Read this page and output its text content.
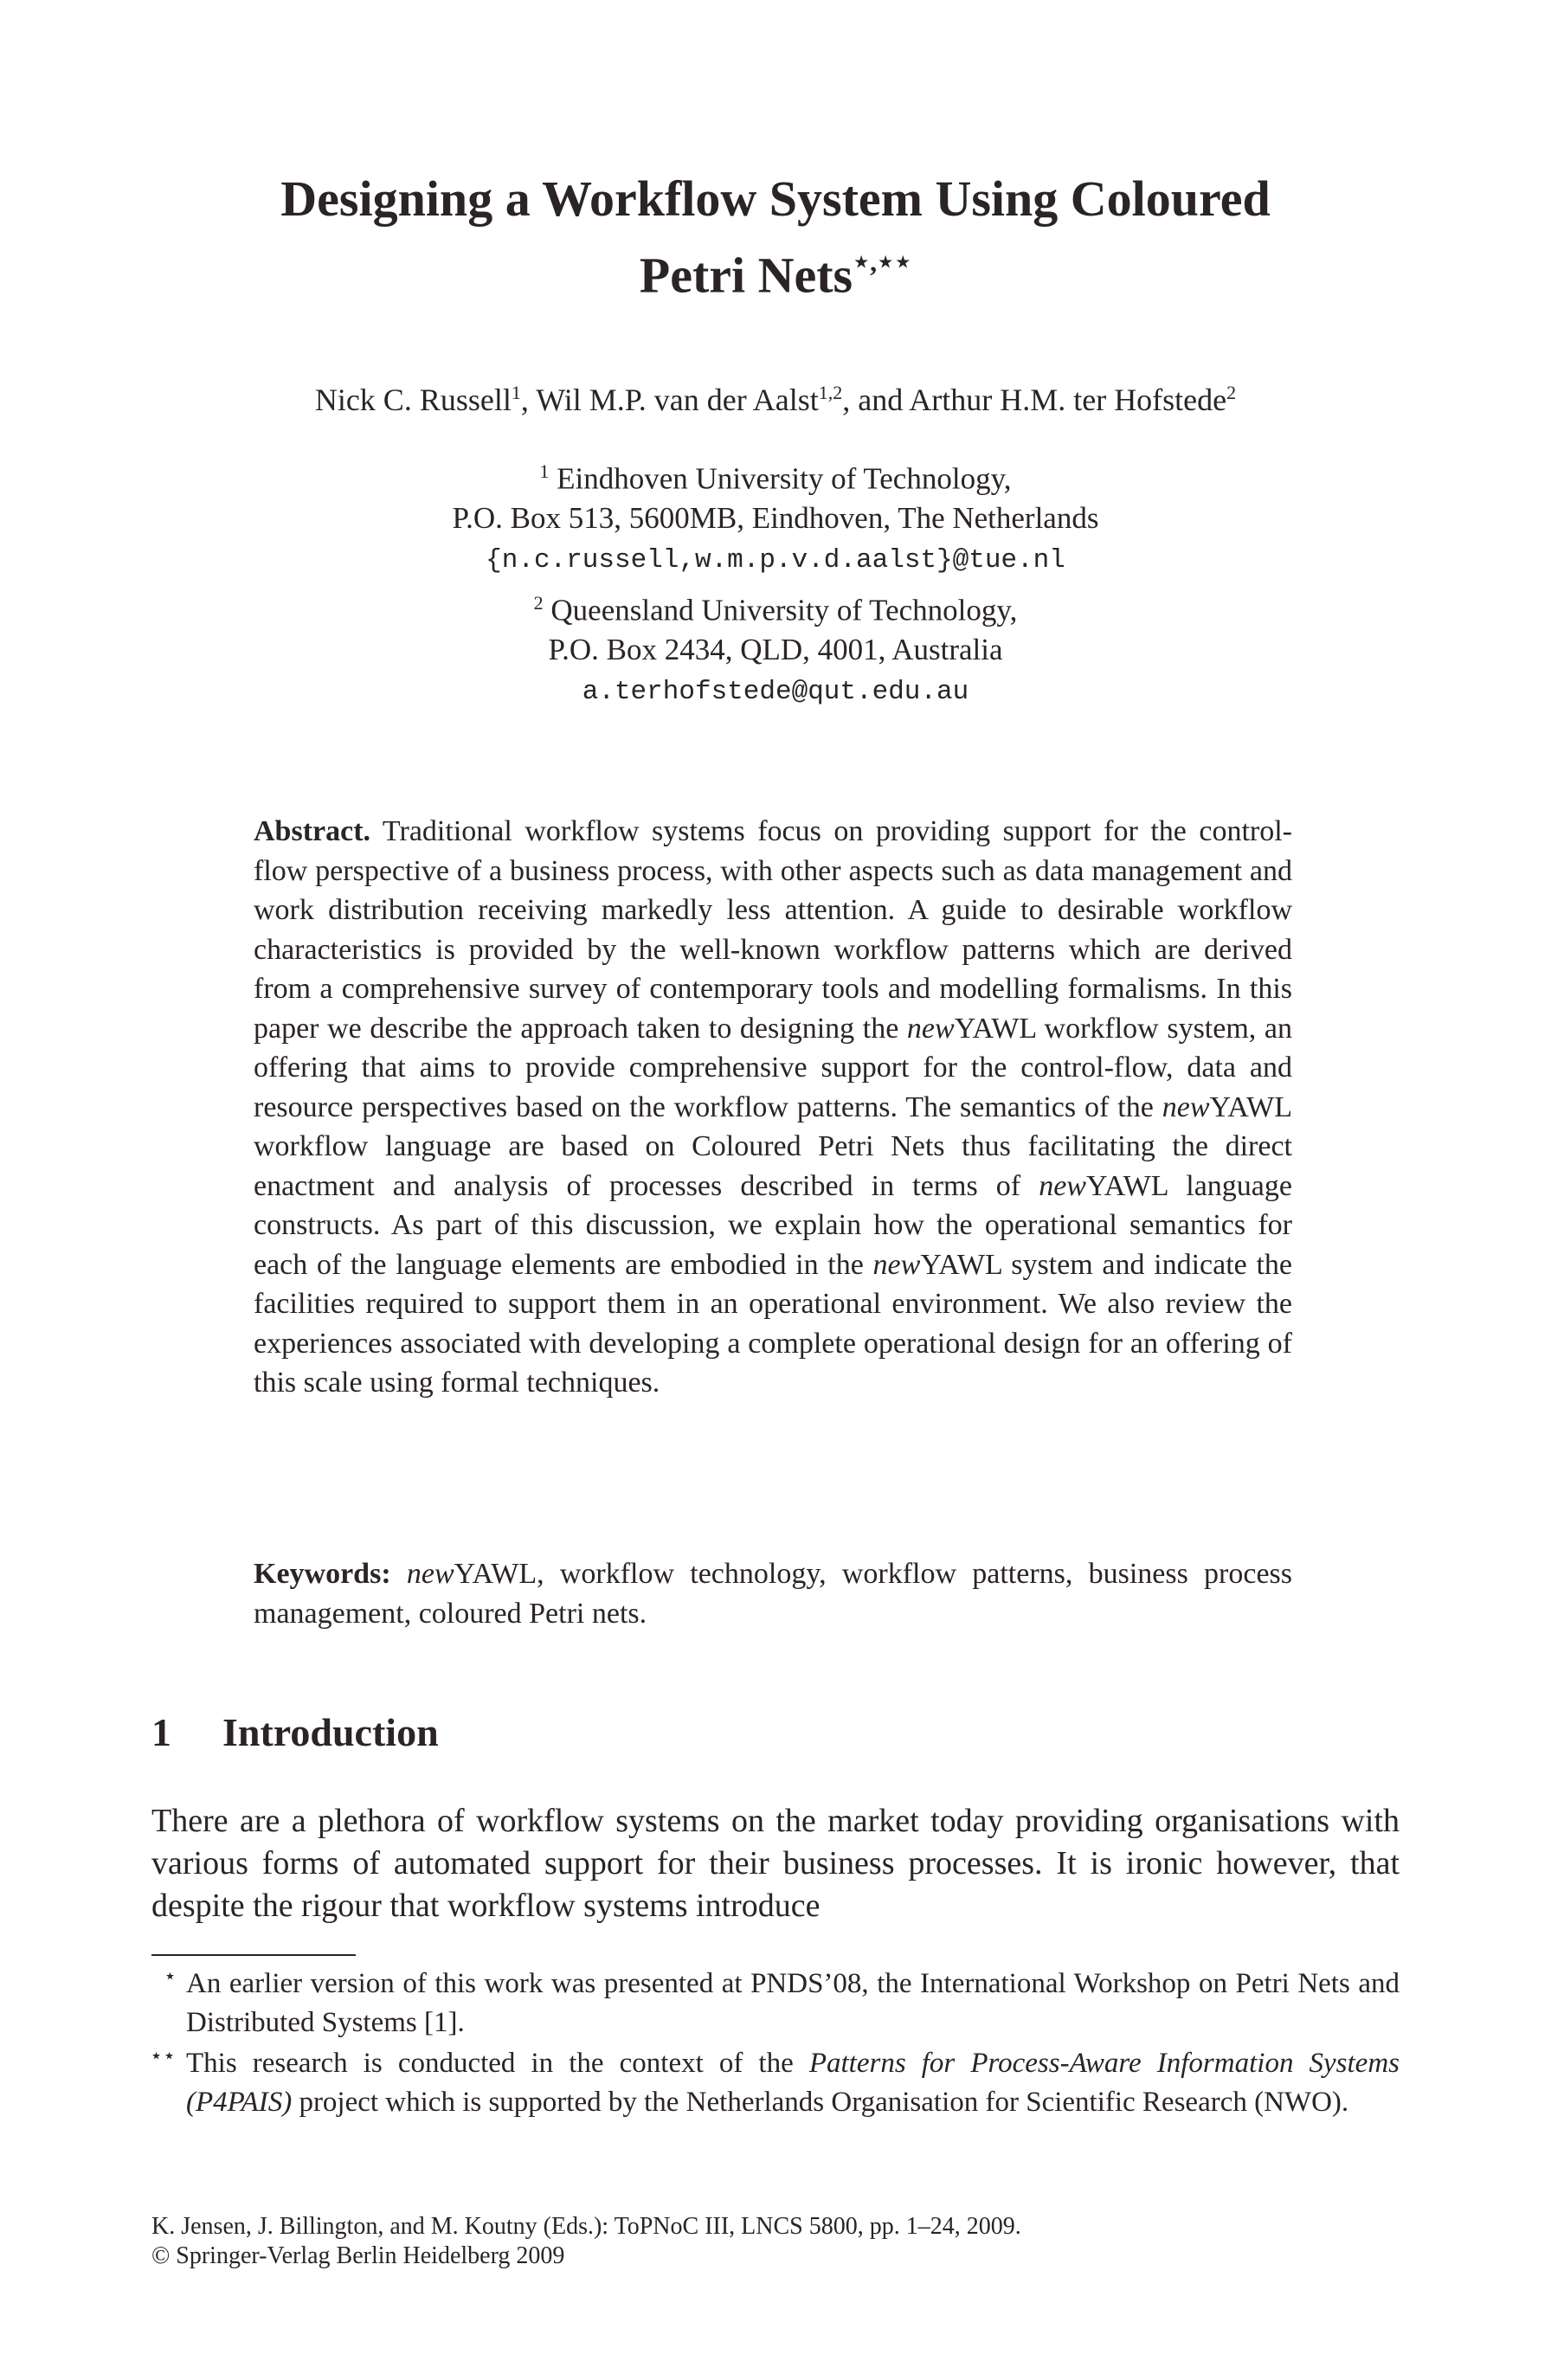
Designing a Workflow System Using Coloured
Petri Nets⋆,⋆⋆
Nick C. Russell$^1$, Wil M.P. van der Aalst$^{1,2}$, and Arthur H.M. ter Hofstede$^2$
$^1$ Eindhoven University of Technology,
P.O. Box 513, 5600MB, Eindhoven, The Netherlands
{n.c.russell,w.m.p.v.d.aalst}@tue.nl
$^2$ Queensland University of Technology,
P.O. Box 2434, QLD, 4001, Australia
a.terhofstede@qut.edu.au

Abstract. Traditional workflow systems focus on providing support for the control-flow perspective of a business process, with other aspects such as data management and work distribution receiving markedly less attention. A guide to desirable workflow characteristics is provided by the well-known workflow patterns which are derived from a comprehensive survey of contemporary tools and modelling formalisms. In this paper we describe the approach taken to designing the newYAWL workflow system, an offering that aims to provide comprehensive support for the control-flow, data and resource perspectives based on the workflow patterns. The semantics of the newYAWL workflow language are based on Coloured Petri Nets thus facilitating the direct enactment and analysis of processes described in terms of newYAWL language constructs. As part of this discussion, we explain how the operational semantics for each of the language elements are embodied in the newYAWL system and indicate the facilities required to support them in an operational environment. We also review the experiences associated with developing a complete operational design for an offering of this scale using formal techniques.

Keywords: newYAWL, workflow technology, workflow patterns, business process management, coloured Petri nets.

1 Introduction

There are a plethora of workflow systems on the market today providing organisations with various forms of automated support for their business processes. It is ironic however, that despite the rigour that workflow systems introduce

⋆ An earlier version of this work was presented at PNDS’08, the International Workshop on Petri Nets and Distributed Systems [1].

⋆⋆ This research is conducted in the context of the Patterns for Process-Aware Information Systems (P4PAIS) project which is supported by the Netherlands Organisation for Scientific Research (NWO).

K. Jensen, J. Billington, and M. Koutny (Eds.): ToPNoC III, LNCS 5800, pp. 1–24, 2009.
© Springer-Verlag Berlin Heidelberg 2009
